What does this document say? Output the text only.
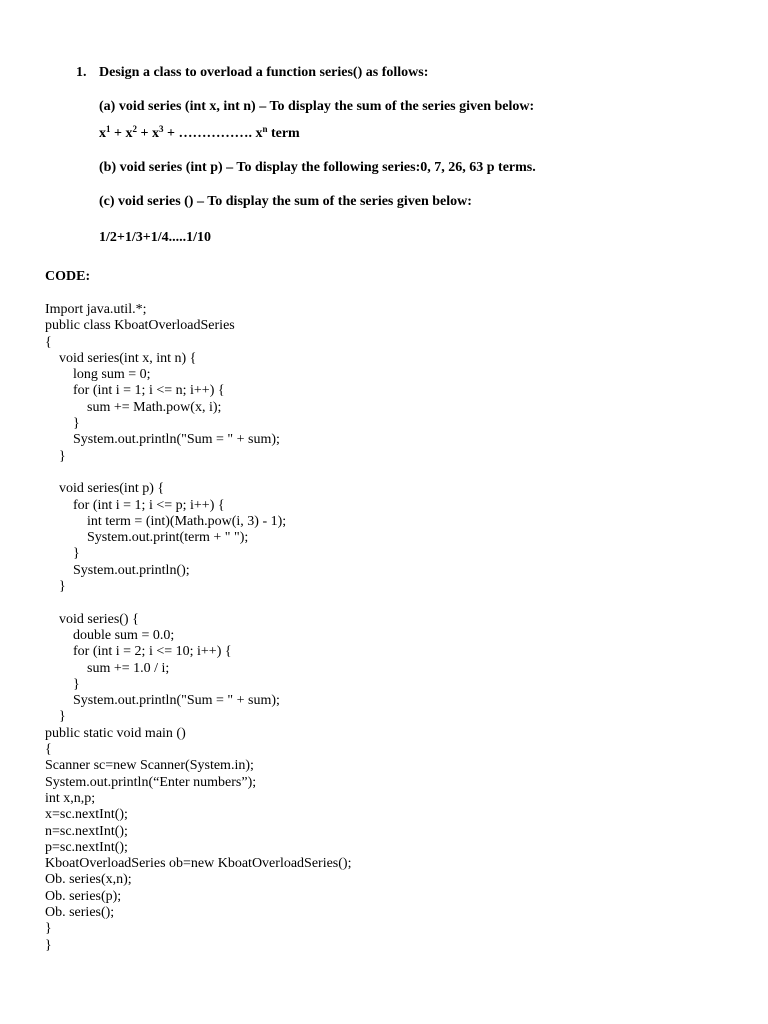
1. Design a class to overload a function series() as follows:
(a) void series (int x, int n) – To display the sum of the series given below:
$x^1 + x^2 + x^3$ + ……………. $x^n$ term
(b) void series (int p) – To display the following series:0, 7, 26, 63 p terms.
(c) void series () – To display the sum of the series given below:
1/2+1/3+1/4.....1/10
CODE:
Import java.util.*;
public class KboatOverloadSeries
{
void series(int x, int n) {
long sum = 0;
for (int i = 1; i <= n; i++) {
sum += Math.pow(x, i);
}
System.out.println("Sum = " + sum);
}
void series(int p) {
for (int i = 1; i <= p; i++) {
int term = (int)(Math.pow(i, 3) - 1);
System.out.print(term + " ");
}
System.out.println();
}
void series() {
double sum = 0.0;
for (int i = 2; i <= 10; i++) {
sum += 1.0 / i;
}
System.out.println("Sum = " + sum);
}
public static void main ()
{
Scanner sc=new Scanner(System.in);
System.out.println(“Enter numbers”);
int x,n,p;
x=sc.nextInt();
n=sc.nextInt();
p=sc.nextInt();
KboatOverloadSeries ob=new KboatOverloadSeries();
Ob. series(x,n);
Ob. series(p);
Ob. series();
}
}
